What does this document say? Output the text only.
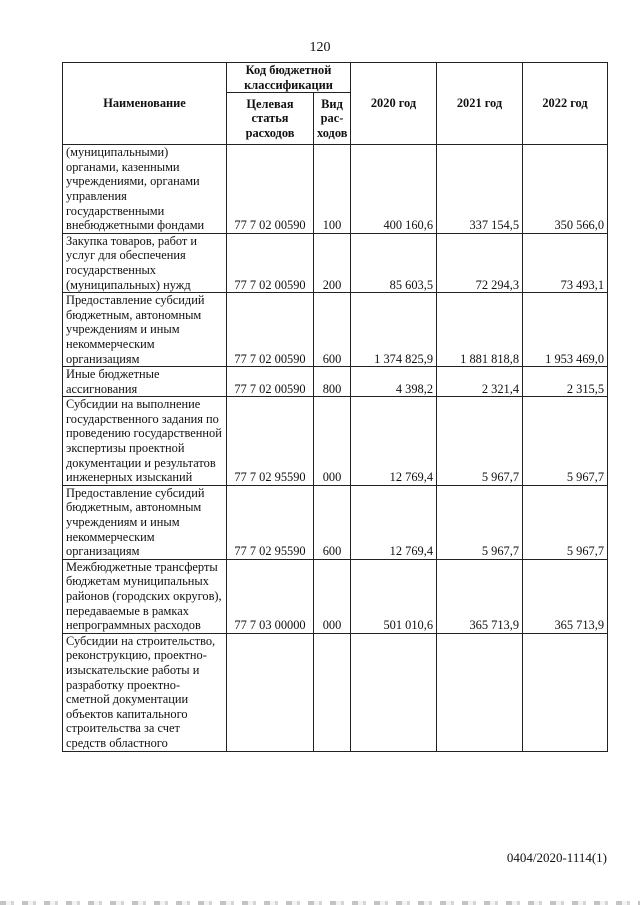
120
Наименование	Код бюджетной классификации		2020 год	2021 год	2022 год
	Целевая статья расходов	Вид рас-ходов			
(муниципальными) органами, казенными учреждениями, органами управления государственными внебюджетными фондами	77 7 02 00590	100	400 160,6	337 154,5	350 566,0
Закупка товаров, работ и услуг для обеспечения государственных (муниципальных) нужд	77 7 02 00590	200	85 603,5	72 294,3	73 493,1
Предоставление субсидий бюджетным, автономным учреждениям и иным некоммерческим организациям	77 7 02 00590	600	1 374 825,9	1 881 818,8	1 953 469,0
Иные бюджетные ассигнования	77 7 02 00590	800	4 398,2	2 321,4	2 315,5
Субсидии на выполнение государственного задания по проведению государственной экспертизы проектной документации и результатов инженерных изысканий	77 7 02 95590	000	12 769,4	5 967,7	5 967,7
Предоставление субсидий бюджетным, автономным учреждениям и иным некоммерческим организациям	77 7 02 95590	600	12 769,4	5 967,7	5 967,7
Межбюджетные трансферты бюджетам муниципальных районов (городских округов), передаваемые в рамках непрограммных расходов	77 7 03 00000	000	501 010,6	365 713,9	365 713,9
Субсидии на строительство, реконструкцию, проектно-изыскательские работы и разработку проектно-сметной документации объектов капитального строительства за счет средств областного					
0404/2020-1114(1)
